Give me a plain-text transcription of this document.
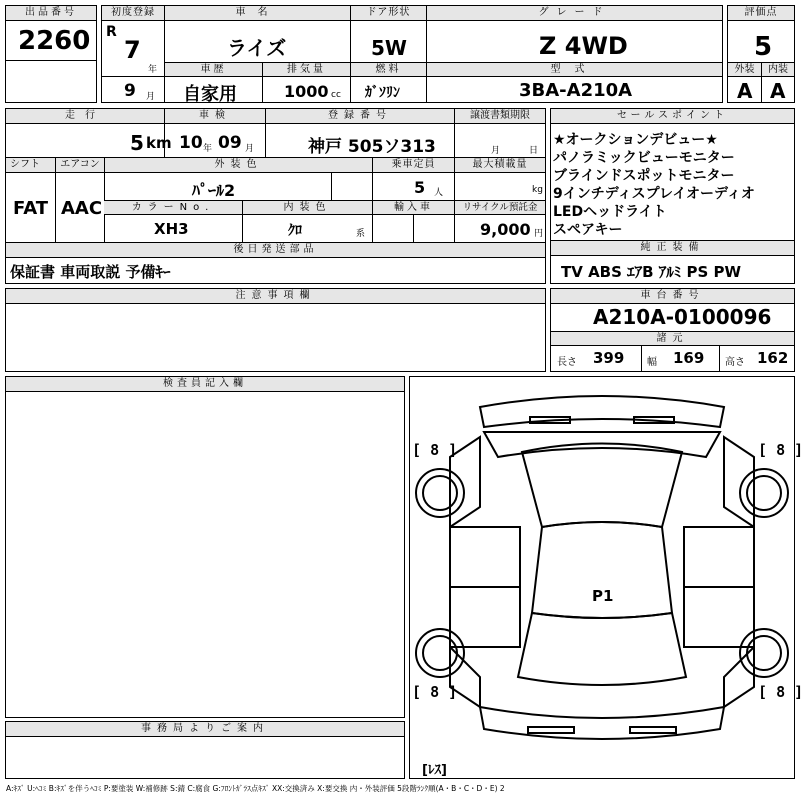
出品番号
2260
初度登録
R
7
年
9 月
車名
ライズ
車歴	排気量
自家用	1000 cc
ドア形状
5W
燃料
ｶﾞｿﾘﾝ
グレード
Z 4WD
型式
3BA-A210A
評価点
5
外装	内装
A A
走行
5 km
車検
10 年 09 月
登録番号
神戸 505ソ313
譲渡書類期限
月	日
シフト	エアコン	外装色	乗車定員	最大積載量
FAT AAC
ﾊﾟｰﾙ2	5 人	kg
カラーNo.	内装色	輸入車	リサイクル預託金
XH3	ｸﾛ	系	9,000 円
後日発送部品
保証書 車両取説 予備ｷｰ
セールスポイント
★オークションデビュー★
パノラミックビューモニター
ブラインドスポットモニター
9インチディスプレイオーディオ
LEDヘッドライト
スペアキー
純正装備
TV ABS ｴｱB ｱﾙﾐ PS PW
注意事項欄	車台番号
A210A-0100096
諸元
長さ 399 幅 169 高さ 162
検査員記入欄
事務局よりご案内
[ 8 ]	[ 8 ]
[ 8 ]	[ 8 ]
P1
[ﾚｽ]
A:ｷｽﾞ U:ﾍｺﾐ B:ｷｽﾞを伴うﾍｺﾐ P:要塗装 W:補修跡 S:錆 C:腐食 G:ﾌﾛﾝﾄｶﾞﾗｽ点ｷｽﾞ XX:交換済み X:要交換 内・外装評価 5段階ﾗﾝｸ順(A・B・C・D・E) 2
